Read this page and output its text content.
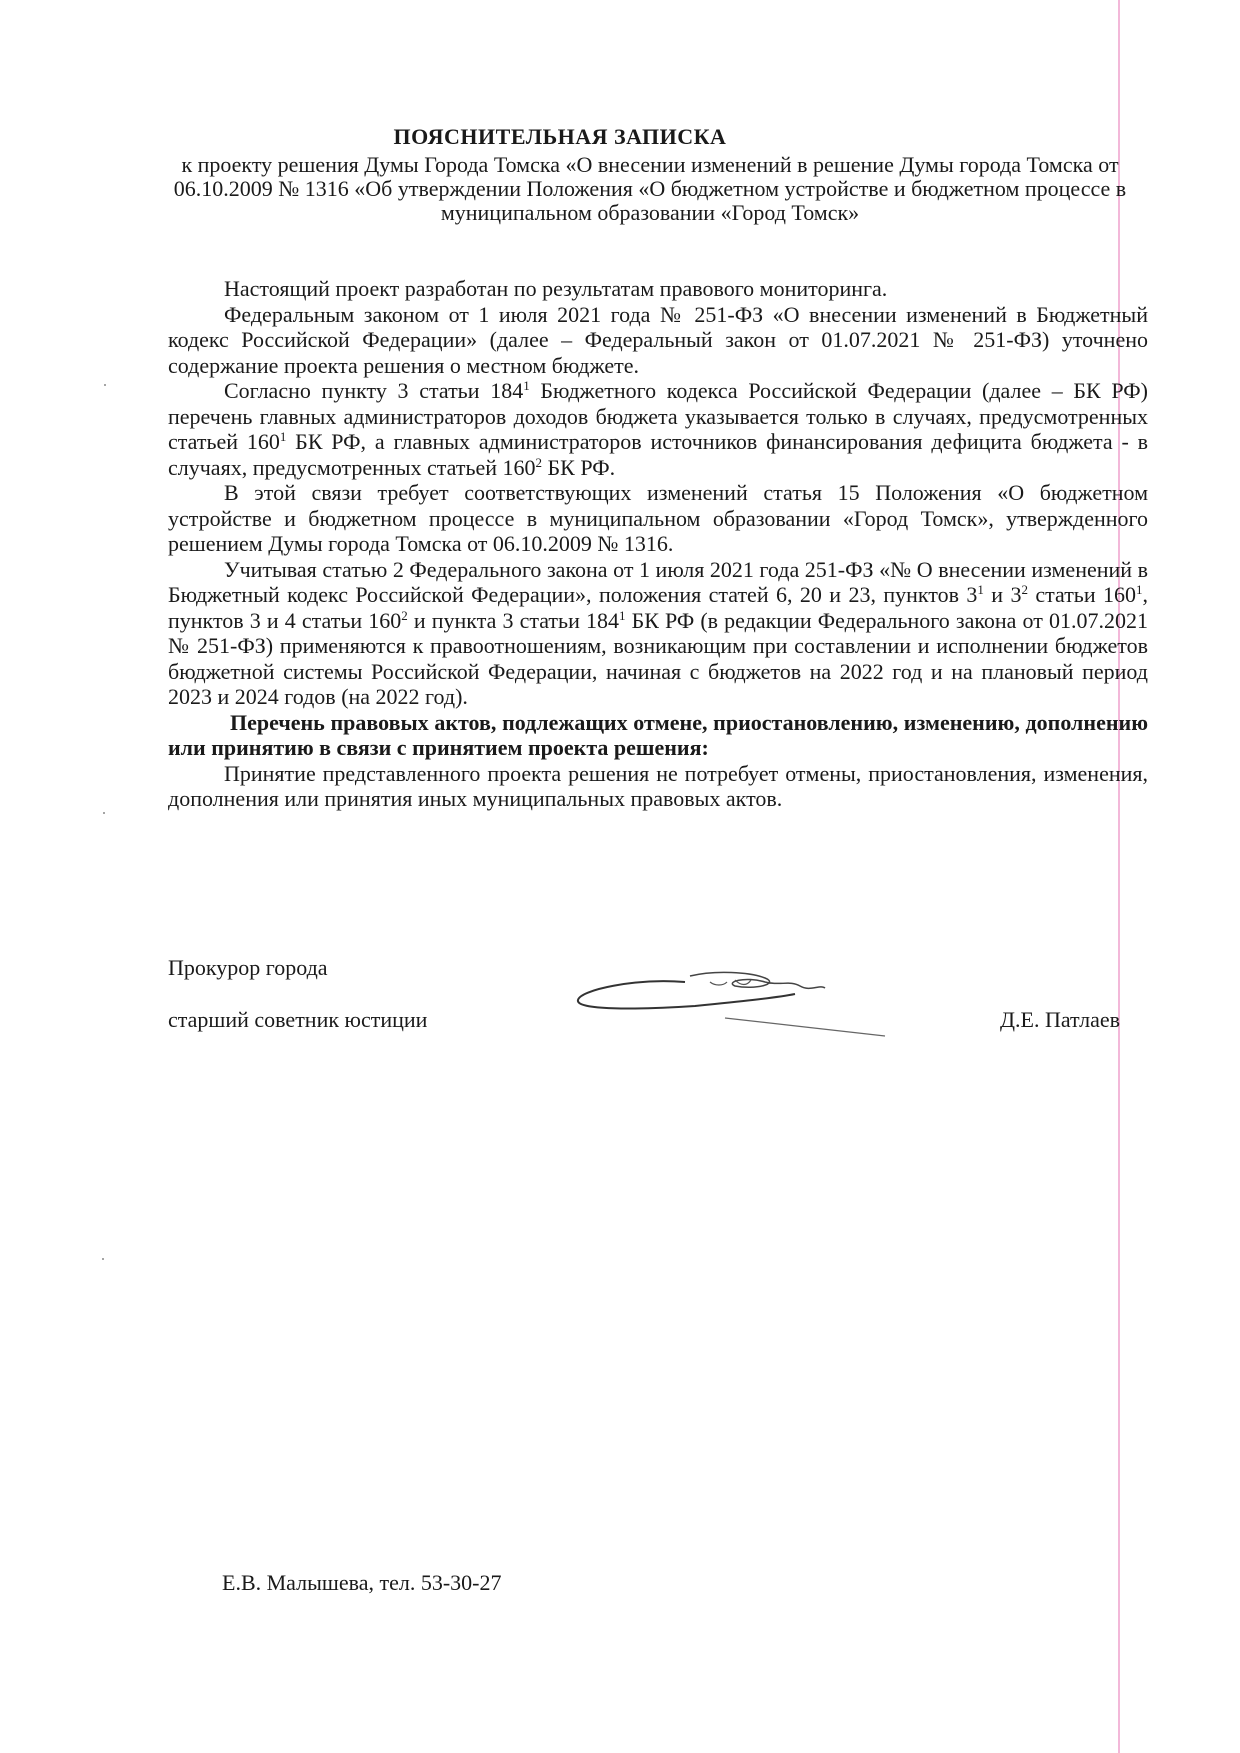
ПОЯСНИТЕЛЬНАЯ ЗАПИСКА
к проекту решения Думы Города Томска «О внесении изменений в решение Думы города Томска от 06.10.2009 № 1316 «Об утверждении Положения «О бюджетном устройстве и бюджетном процессе в муниципальном образовании «Город Томск»

Настоящий проект разработан по результатам правового мониторинга.

Федеральным законом от 1 июля 2021 года № 251-ФЗ «О внесении изменений в Бюджетный кодекс Российской Федерации» (далее – Федеральный закон от 01.07.2021 № 251-ФЗ) уточнено содержание проекта решения о местном бюджете.

Согласно пункту 3 статьи $184^1$ Бюджетного кодекса Российской Федерации (далее – БК РФ) перечень главных администраторов доходов бюджета указывается только в случаях, предусмотренных статьей $160^1$ БК РФ, а главных администраторов источников финансирования дефицита бюджета - в случаях, предусмотренных статьей $160^2$ БК РФ.

В этой связи требует соответствующих изменений статья 15 Положения «О бюджетном устройстве и бюджетном процессе в муниципальном образовании «Город Томск», утвержденного решением Думы города Томска от 06.10.2009 № 1316.

Учитывая статью 2 Федерального закона от 1 июля 2021 года 251-ФЗ «№ О внесении изменений в Бюджетный кодекс Российской Федерации», положения статей 6, 20 и 23, пунктов $3^1$ и $3^2$ статьи $160^1$, пунктов 3 и 4 статьи $160^2$ и пункта 3 статьи $184^1$ БК РФ (в редакции Федерального закона от 01.07.2021 № 251-ФЗ) применяются к правоотношениям, возникающим при составлении и исполнении бюджетов бюджетной системы Российской Федерации, начиная с бюджетов на 2022 год и на плановый период 2023 и 2024 годов (на 2022 год).

Перечень правовых актов, подлежащих отмене, приостановлению, изменению, дополнению или принятию в связи с принятием проекта решения:

Принятие представленного проекта решения не потребует отмены, приостановления, изменения, дополнения или принятия иных муниципальных правовых актов.

Прокурор города
старший советник юстиции	Д.Е. Патлаев
Е.В. Малышева, тел. 53-30-27
